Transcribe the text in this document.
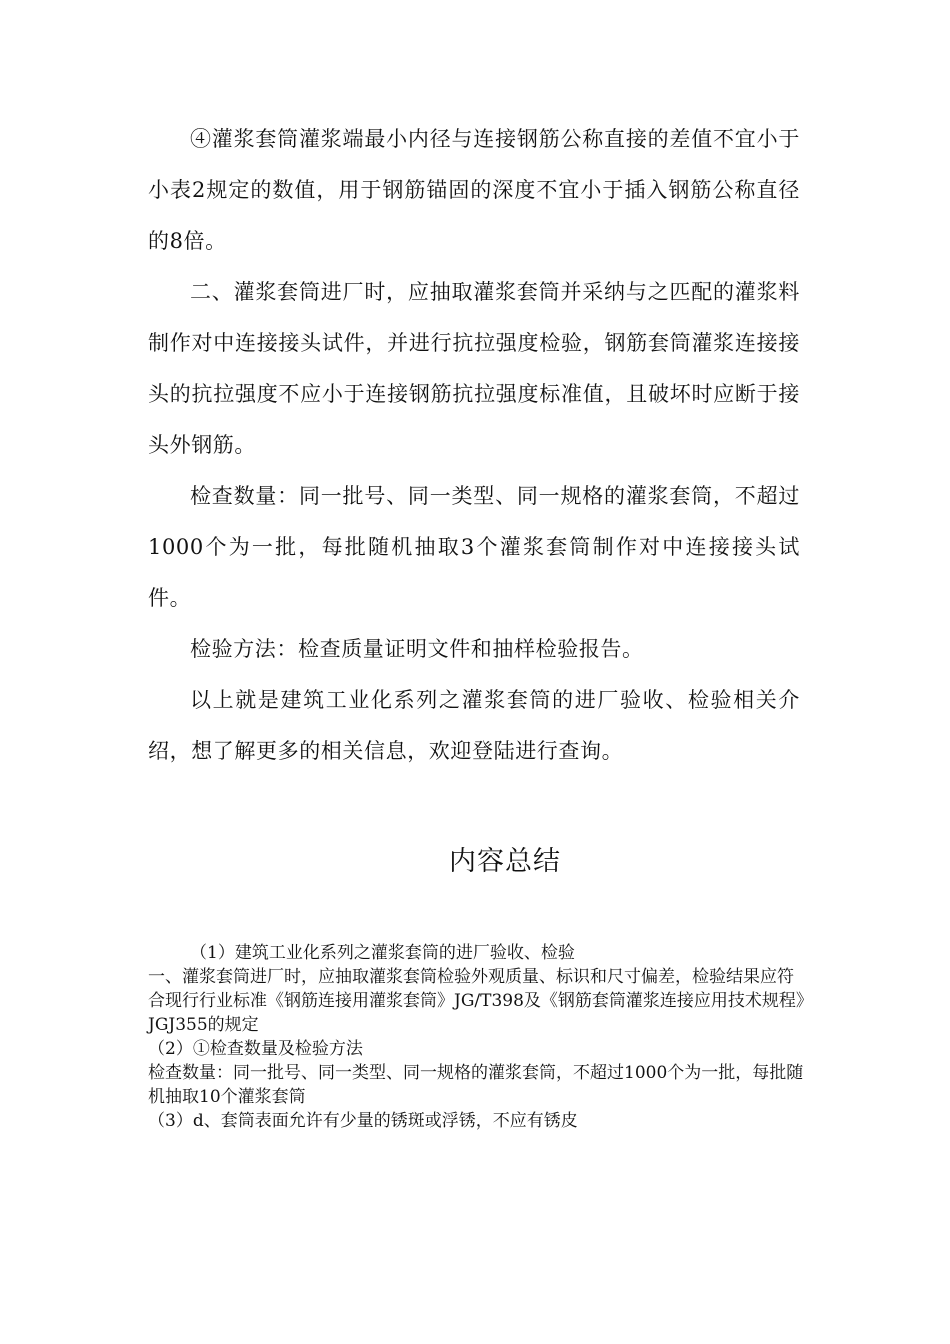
④灌浆套筒灌浆端最小内径与连接钢筋公称直接的差值不宜小于小表2规定的数值，用于钢筋锚固的深度不宜小于插入钢筋公称直径的8倍。

二、灌浆套筒进厂时，应抽取灌浆套筒并采纳与之匹配的灌浆料制作对中连接接头试件，并进行抗拉强度检验，钢筋套筒灌浆连接接头的抗拉强度不应小于连接钢筋抗拉强度标准值，且破坏时应断于接头外钢筋。

检查数量：同一批号、同一类型、同一规格的灌浆套筒，不超过1000个为一批，每批随机抽取3个灌浆套筒制作对中连接接头试件。

检验方法：检查质量证明文件和抽样检验报告。

以上就是建筑工业化系列之灌浆套筒的进厂验收、检验相关介绍，想了解更多的相关信息，欢迎登陆进行查询。

内容总结

（1）建筑工业化系列之灌浆套筒的进厂验收、检验

一、灌浆套筒进厂时，应抽取灌浆套筒检验外观质量、标识和尺寸偏差，检验结果应符合现行行业标准《钢筋连接用灌浆套筒》JG/T398及《钢筋套筒灌浆连接应用技术规程》JGJ355的规定

（2）①检查数量及检验方法

检查数量：同一批号、同一类型、同一规格的灌浆套筒，不超过1000个为一批，每批随机抽取10个灌浆套筒

（3）d、套筒表面允许有少量的锈斑或浮锈，不应有锈皮
